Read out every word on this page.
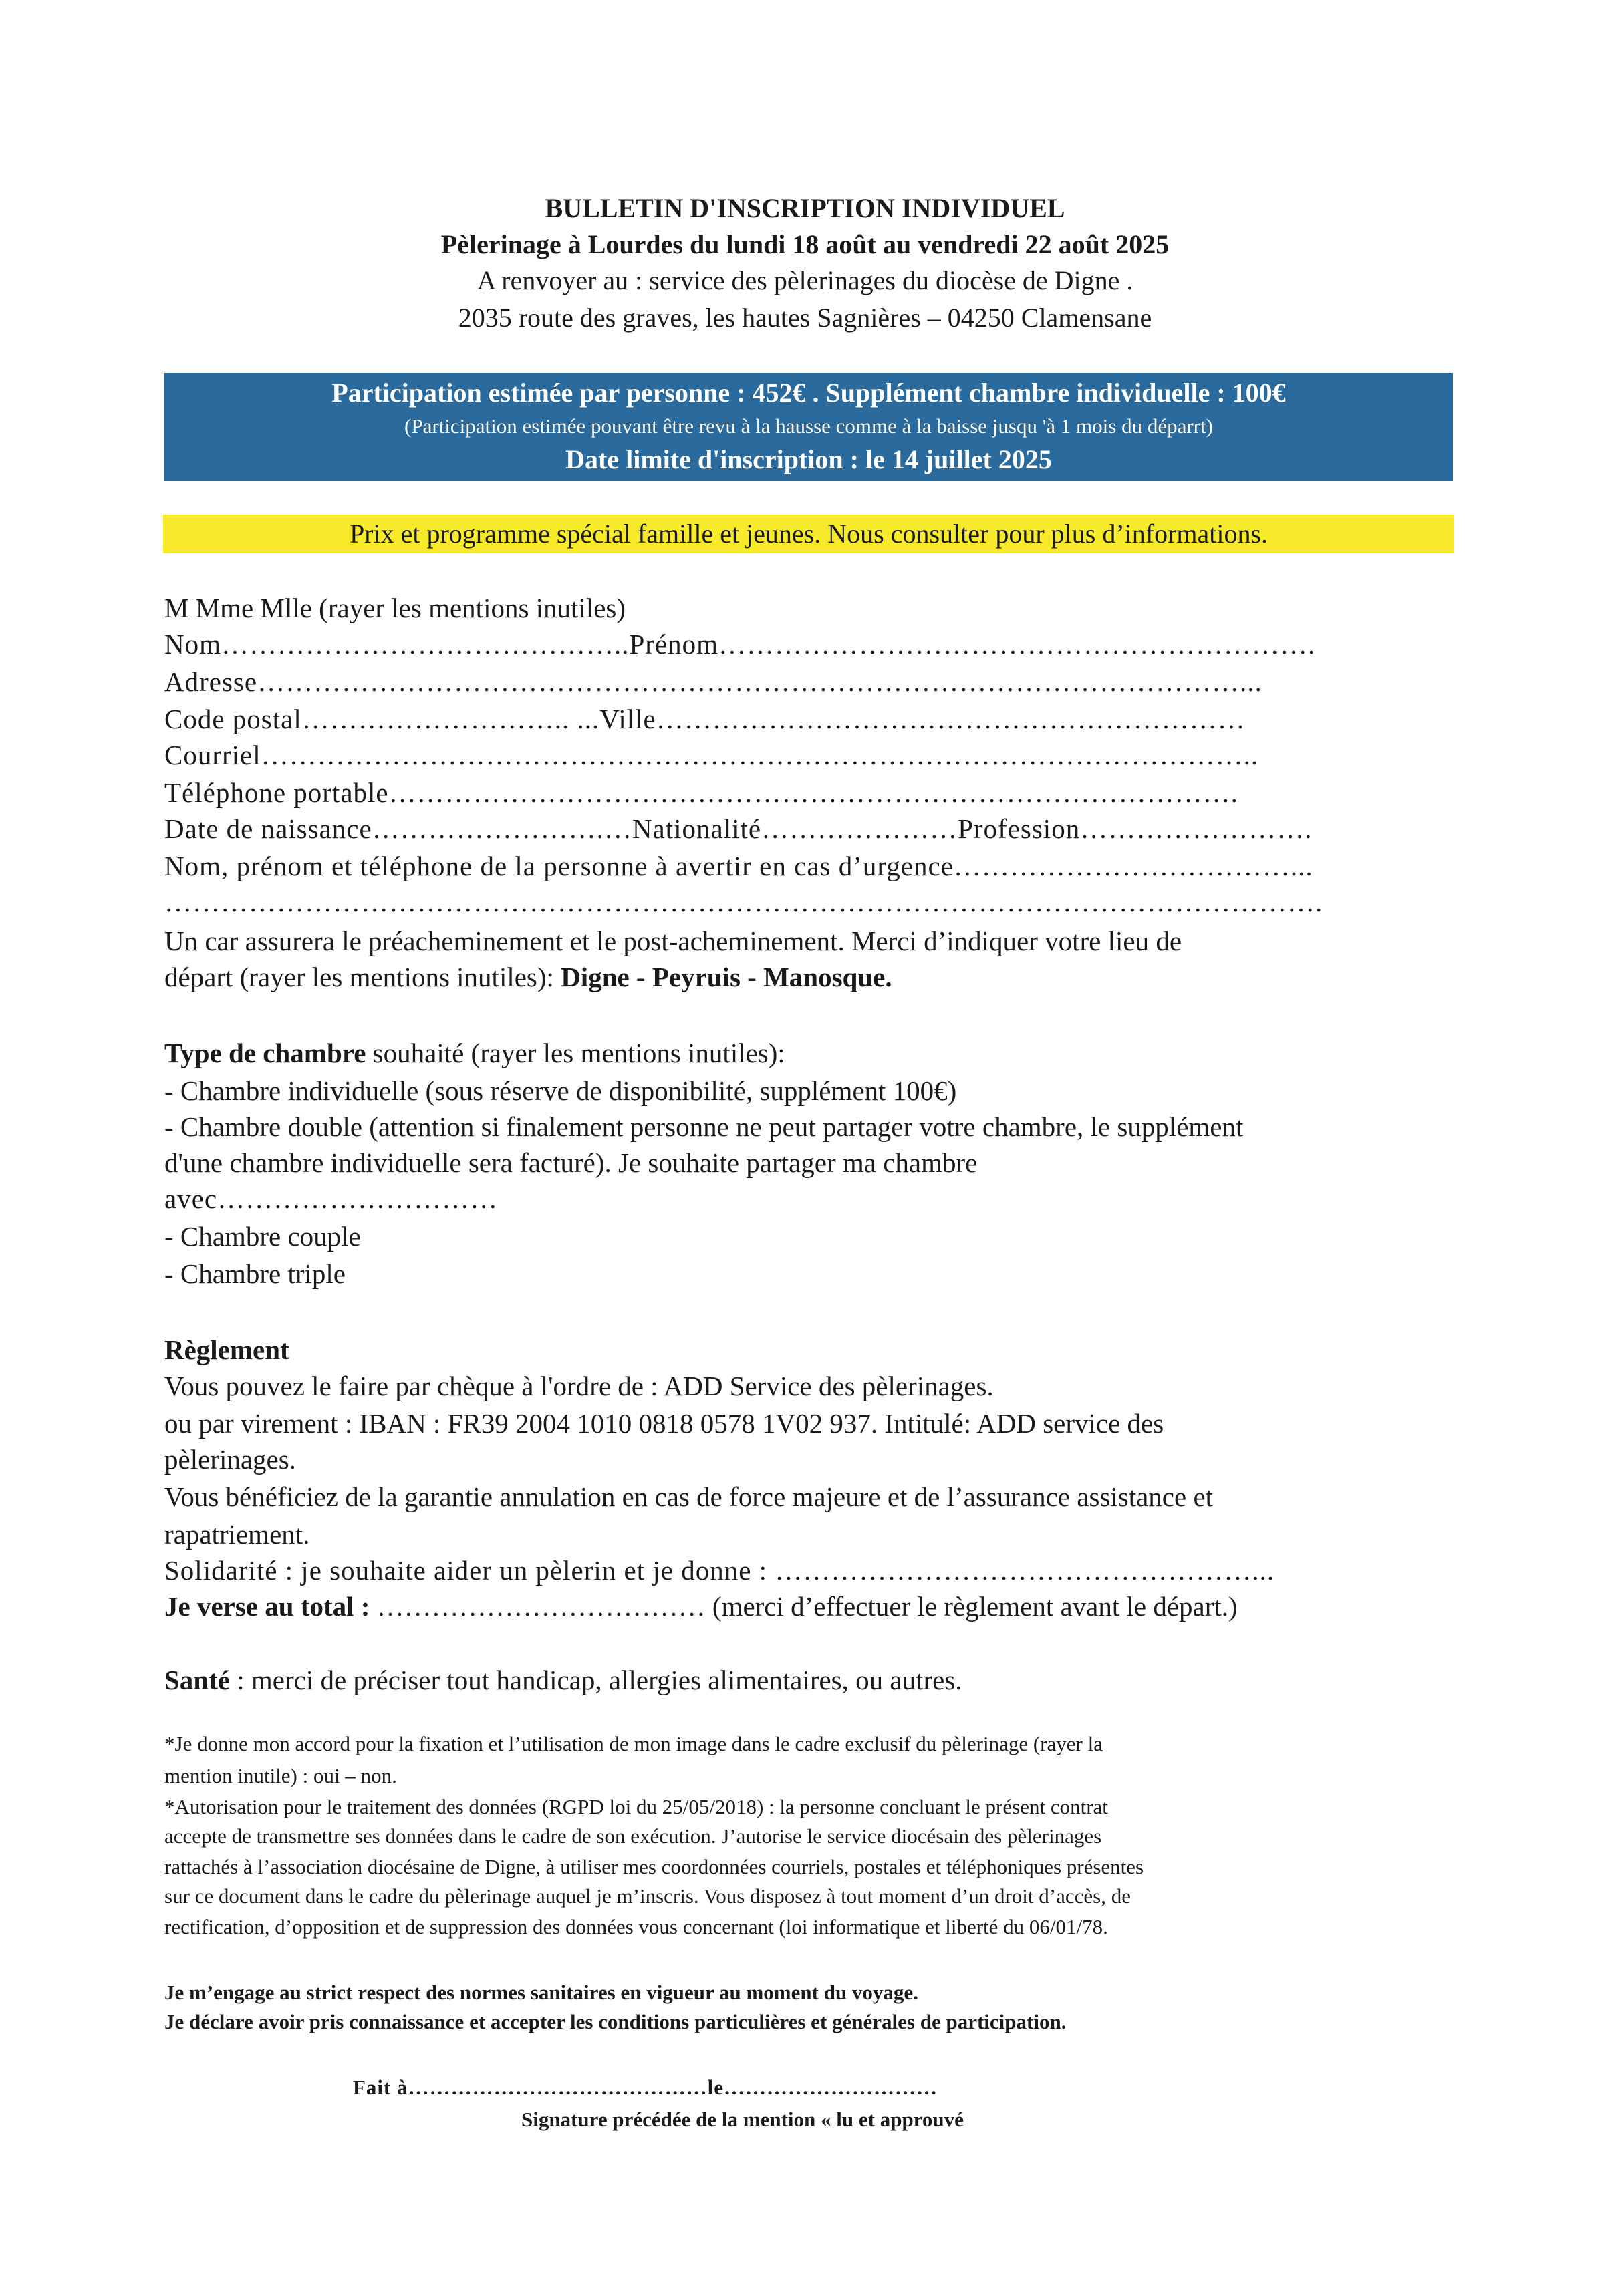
BULLETIN D'INSCRIPTION INDIVIDUEL
Pèlerinage à Lourdes du lundi 18 août au vendredi 22 août 2025
A renvoyer au : service des pèlerinages du diocèse de Digne .
2035 route des graves, les hautes Sagnières – 04250 Clamensane
Participation estimée par personne : 452€ . Supplément chambre individuelle : 100€
(Participation estimée pouvant être revu à la hausse comme à la baisse jusqu 'à 1 mois du déparrt)
Date limite d'inscription : le 14 juillet 2025
Prix et programme spécial famille et jeunes. Nous consulter pour plus d’informations.
M Mme Mlle (rayer les mentions inutiles)
Nom……………………………………..Prénom……………………………………………………….
Adresse……………………………………………………………………………………………...
Code postal……………………….. ...Ville………………………………………………………
Courriel……………………………………………………………………………………………..
Téléphone portable……………………………………………………………………………….
Date de naissance…………………….…Nationalité…………………Profession…………………….
Nom, prénom et téléphone de la personne à avertir en cas d’urgence………………………………...
…………………………………………………………………………………………………………….
Un car assurera le préacheminement et le post-acheminement. Merci d’indiquer votre lieu de
départ (rayer les mentions inutiles): Digne - Peyruis - Manosque.
Type de chambre souhaité (rayer les mentions inutiles):
- Chambre individuelle (sous réserve de disponibilité, supplément 100€)
- Chambre double (attention si finalement personne ne peut partager votre chambre, le supplément
d'une chambre individuelle sera facturé). Je souhaite partager ma chambre
avec…………………………
- Chambre couple
- Chambre triple
Règlement
Vous pouvez le faire par chèque à l'ordre de : ADD Service des pèlerinages.
ou par virement : IBAN : FR39 2004 1010 0818 0578 1V02 937. Intitulé: ADD service des
pèlerinages.
Vous bénéficiez de la garantie annulation en cas de force majeure et de l’assurance assistance et
rapatriement.
Solidarité : je souhaite aider un pèlerin et je donne : ……………………………………………...
Je verse au total : ……………………………… (merci d’effectuer le règlement avant le départ.)
Santé : merci de préciser tout handicap, allergies alimentaires, ou autres.
*Je donne mon accord pour la fixation et l’utilisation de mon image dans le cadre exclusif du pèlerinage (rayer la
mention inutile) : oui – non.
*Autorisation pour le traitement des données (RGPD loi du 25/05/2018) : la personne concluant le présent contrat
accepte de transmettre ses données dans le cadre de son exécution. J’autorise le service diocésain des pèlerinages
rattachés à l’association diocésaine de Digne, à utiliser mes coordonnées courriels, postales et téléphoniques présentes
sur ce document dans le cadre du pèlerinage auquel je m’inscris. Vous disposez à tout moment d’un droit d’accès, de
rectification, d’opposition et de suppression des données vous concernant (loi informatique et liberté du 06/01/78.
Je m’engage au strict respect des normes sanitaires en vigueur au moment du voyage.
Je déclare avoir pris connaissance et accepter les conditions particulières et générales de participation.
Fait à……………………………………le…………………………
Signature précédée de la mention « lu et approuvé
